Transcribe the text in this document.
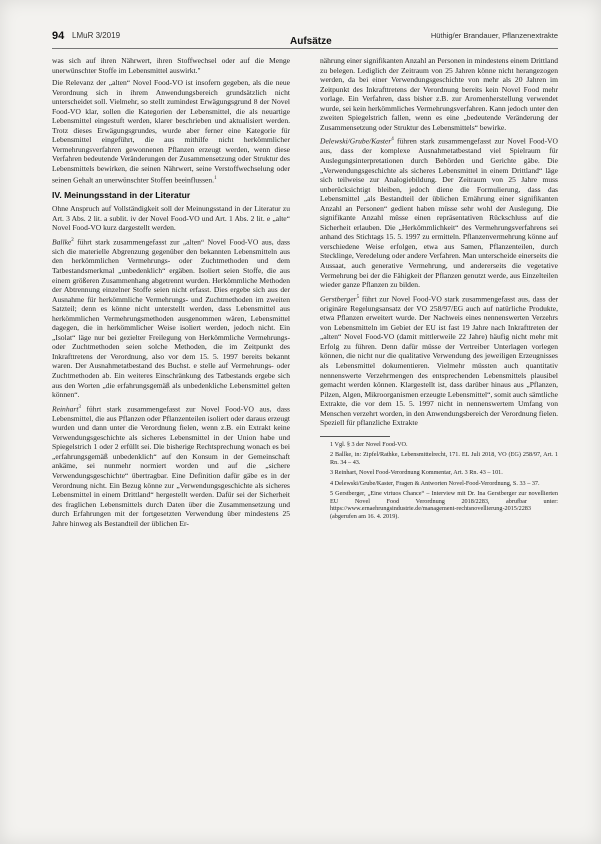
94 LMuR 3/2019
Aufsätze
Hüthig/er Brandauer, Pflanzenextrakte

was sich auf ihren Nährwert, ihren Stoffwechsel oder auf die Menge unerwünschter Stoffe im Lebensmittel auswirkt."

Die Relevanz der „alten“ Novel Food-VO ist insofern gegeben, als die neue Verordnung sich in ihrem Anwendungsbereich grundsätzlich nicht unterscheidet soll. Vielmehr, so stellt zumindest Erwägungsgrund 8 der Novel Food-VO klar, sollen die Kategorien der Lebensmittel, die als neuartige Lebensmittel eingestuft werden, klarer beschrieben und aktualisiert werden. Trotz dieses Erwägungsgrundes, wurde aber ferner eine Kategorie für Lebensmittel eingeführt, die aus mithilfe nicht herkömmlicher Vermehrungsverfahren gewonnenen Pflanzen erzeugt werden, wenn diese Verfahren bedeutende Veränderungen der Zusammensetzung oder Struktur des Lebensmittels bewirken, die seinen Nährwert, seine Verstoffwechselung oder seinen Gehalt an unerwünschter Stoffen beeinflussen.$^1$

IV. Meinungsstand in der Literatur

Ohne Anspruch auf Vollständigkeit soll der Meinungsstand in der Literatur zu Art. 3 Abs. 2 lit. a sublit. iv der Novel Food-VO und Art. 1 Abs. 2 lit. e „alte“ Novel Food-VO kurz dargestellt werden.

Ballke$^2$ führt stark zusammengefasst zur „alten“ Novel Food-VO aus, dass sich die materielle Abgrenzung gegenüber den bekannten Lebensmitteln aus den herkömmlichen Vermehrungs- oder Zuchtmethoden und dem Tatbestandsmerkmal „unbedenklich“ ergäben. Isoliert seien Stoffe, die aus einem größeren Zusammenhang abgetrennt wurden. Herkömmliche Methoden der Abtrennung einzelner Stoffe seien nicht erfasst. Dies ergebe sich aus der Ausnahme für herkömmliche Vermehrungs- und Zuchtmethoden im zweiten Satzteil; denn es könne nicht unterstellt werden, dass Lebensmittel aus herkömmlichen Vermehrungsmethoden ausgenommen wären, Lebensmittel dagegen, die in herkömmlicher Weise isoliert werden, jedoch nicht. Ein „Isolat“ läge nur bei gezielter Freilegung von Herkömmliche Vermehrungs- oder Zuchtmethoden seien solche Methoden, die im Zeitpunkt des Inkrafttretens der Verordnung, also vor dem 15. 5. 1997 bereits bekannt waren. Der Ausnahmetatbestand des Buchst. e stelle auf Vermehrungs- oder Zuchtmethoden ab. Ein weiteres Einschränkung des Tatbestands ergebe sich aus den Worten „die erfahrungsgemäß als unbedenkliche Lebensmittel gelten können“.

Reinhart$^3$ führt stark zusammengefasst zur Novel Food-VO aus, dass Lebensmittel, die aus Pflanzen oder Pflanzenteilen isoliert oder daraus erzeugt wurden und dann unter die Verordnung fielen, wenn z.B. ein Extrakt keine Verwendungsgeschichte als sicheres Lebensmittel in der Union habe und Spiegelstrich 1 oder 2 erfüllt sei. Die bisherige Rechtsprechung wonach es bei „erfahrungsgemäß unbedenklich“ auf den Konsum in der Gemeinschaft ankäme, sei nunmehr normiert worden und auf die „sichere Verwendungsgeschichte“ übertragbar. Eine Definition dafür gäbe es in der Verordnung nicht. Ein Bezug könne zur „Verwendungsgeschichte als sicheres Lebensmittel in einem Drittland“ hergestellt werden. Dafür sei der Sicherheit des fraglichen Lebensmittels durch Daten über die Zusammensetzung und durch Erfahrungen mit der fortgesetzten Verwendung über mindestens 25 Jahre hinweg als Bestandteil der üblichen Er-

nährung einer signifikanten Anzahl an Personen in mindestens einem Drittland zu belegen. Lediglich der Zeitraum von 25 Jahren könne nicht herangezogen werden, da bei einer Verwendungsgeschichte von mehr als 20 Jahren im Zeitpunkt des Inkrafttretens der Verordnung bereits kein Novel Food mehr vorlage. Ein Verfahren, dass bisher z.B. zur Aromenherstellung verwendet wurde, sei kein herkömmliches Vermehrungsverfahren. Kann jedoch unter den zweiten Spiegelstrich fallen, wenn es eine „bedeutende Veränderung der Zusammensetzung oder Struktur des Lebensmittels“ bewirke.

Delewski/Grube/Kaster$^4$ führen stark zusammengefasst zur Novel Food-VO aus, dass der komplexe Ausnahmetatbestand viel Spielraum für Auslegungsinterpretationen durch Behörden und Gerichte gäbe. Die „Verwendungsgeschichte als sicheres Lebensmittel in einem Drittland“ läge sich teilweise zur Analogiebildung. Der Zeitraum von 25 Jahre muss unberücksichtigt bleiben, jedoch diene die Formulierung, dass das Lebensmittel „als Bestandteil der üblichen Ernährung einer signifikanten Anzahl an Personen“ gedient haben müsse sehr wohl der Auslegung. Die signifikante Anzahl müsse einen repräsentativen Rückschluss auf die Sicherheit erlauben. Die „Herkömmlichkeit“ des Vermehrungsverfahrens sei anhand des Stichtags 15. 5. 1997 zu ermitteln. Pflanzenvermehrung könne auf verschiedene Weise erfolgen, etwa aus Samen, Pflanzenteilen, durch Stecklinge, Veredelung oder andere Verfahren. Man unterscheide einerseits die Aussaat, auch generative Vermehrung, und andererseits die vegetative Vermehrung bei der die Fähigkeit der Pflanzen genutzt werde, aus Einzelteilen wieder ganze Pflanzen zu bilden.

Gerstberger$^5$ führt zur Novel Food-VO stark zusammengefasst aus, dass der originäre Regelungsansatz der VO 258/97/EG auch auf natürliche Produkte, etwa Pflanzen erweitert wurde. Der Nachweis eines nennenswerten Verzehrs von Lebensmitteln im Gebiet der EU ist fast 19 Jahre nach Inkrafttreten der „alten“ Novel Food-VO (damit mittlerweile 22 Jahre) häufig nicht mehr mit Erfolg zu führen. Denn dafür müsse der Vertreiber Unterlagen vorlegen können, die nicht nur die qualitative Verwendung des jeweiligen Erzeugnisses als Lebensmittel dokumentieren. Vielmehr müssten auch quantitativ nennenswerte Verzehrmengen des entsprechenden Lebensmittels plausibel gemacht werden können. Klargestellt ist, dass darüber hinaus aus „Pflanzen, Pilzen, Algen, Mikroorganismen erzeugte Lebensmittel“, somit auch sämtliche Extrakte, die vor dem 15. 5. 1997 nicht in nennenswertem Umfang von Menschen verzehrt worden, in den Anwendungsbereich der Verordnung fielen. Speziell für pflanzliche Extrakte

1 Vgl. § 3 der Novel Food-VO.

2 Ballke, in: Zipfel/Rathke, Lebensmittelrecht, 171. EL Juli 2018, VO (EG) 258/97, Art. 1 Rn. 34 – 43.

3 Reinhart, Novel Food-Verordnung Kommentar, Art. 3 Rn. 43 – 101.

4 Delewski/Grube/Kaster, Fragen & Antworten Novel-Food-Verordnung, S. 33 – 37.

5 Gerstberger, „Eine virtuos Chance“ – Interview mit Dr. Ina Gerstberger zur novellierten EU Novel Food Verordnung 2018/2283, abrufbar unter: https://www.ernaehrungsindustrie.de/management-rechtsnovellierung-2015/2283 (abgerufen am 16. 4. 2019).
